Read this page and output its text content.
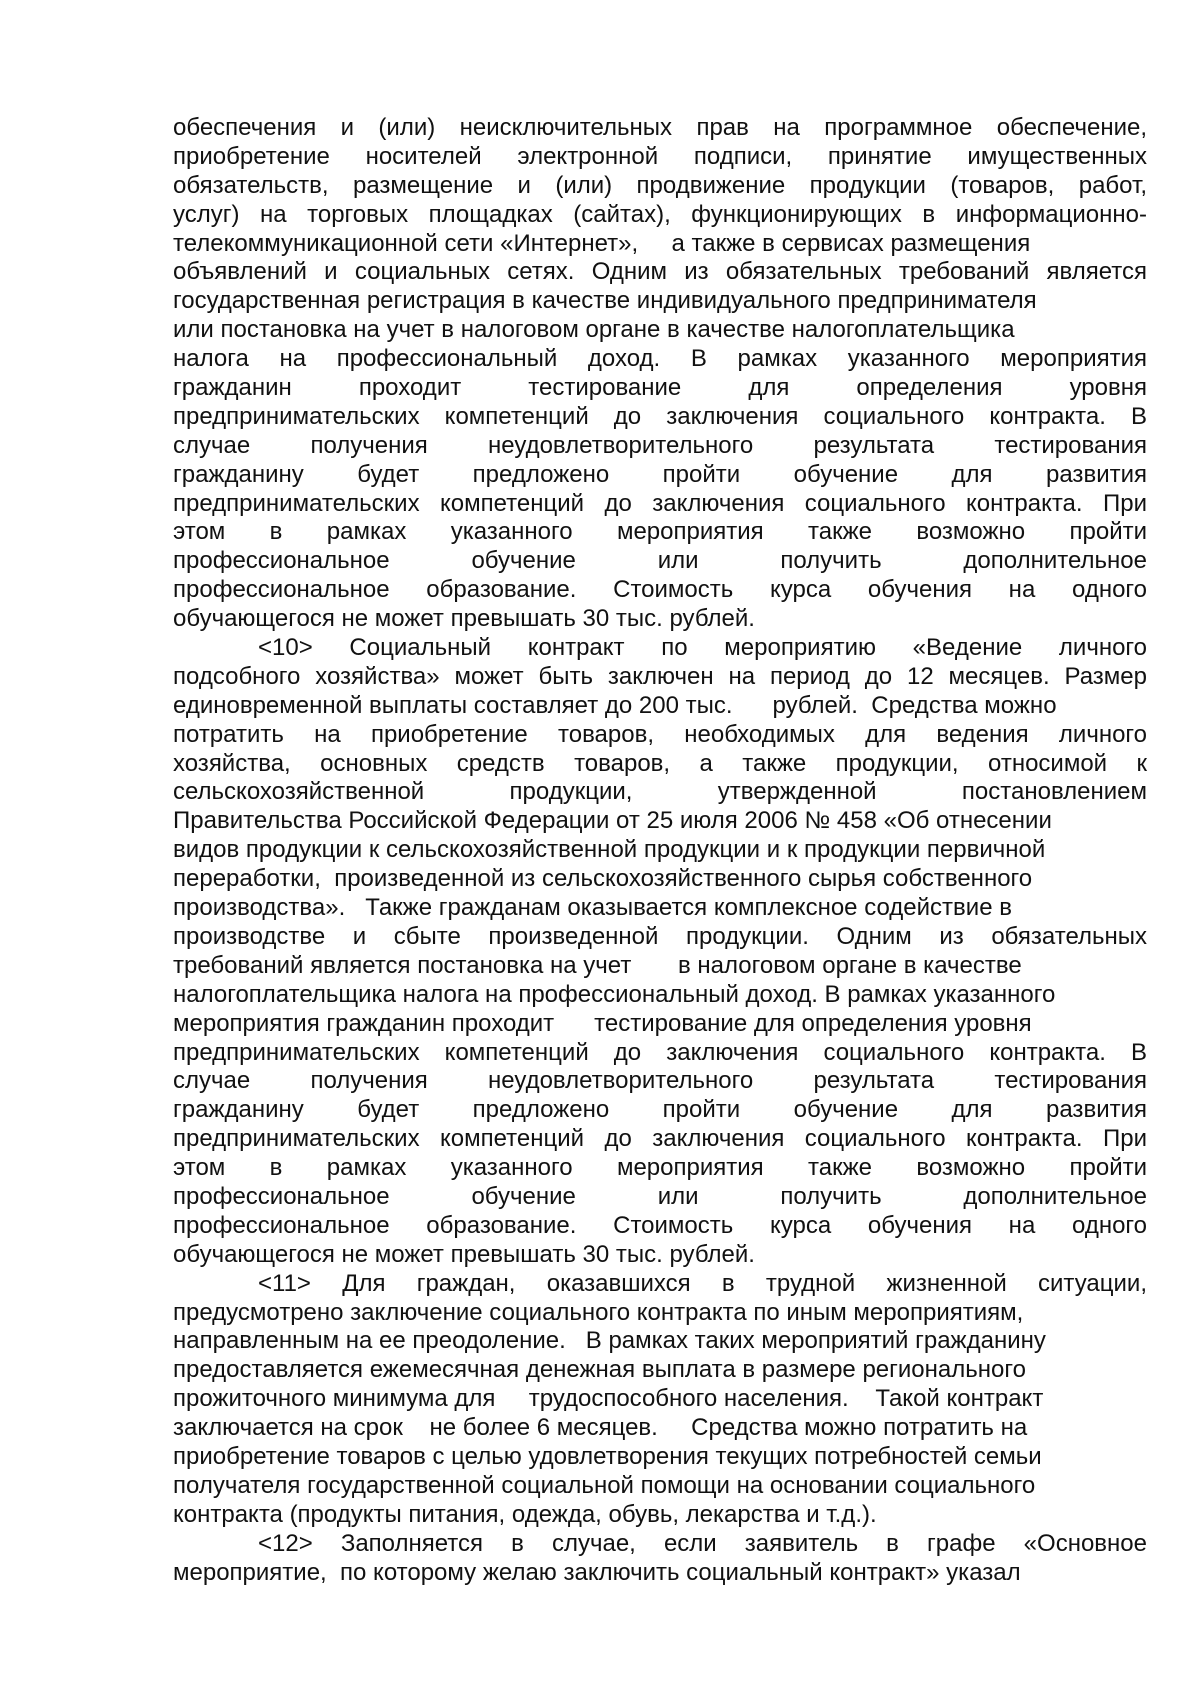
обеспечения и (или) неисключительных прав на программное обеспечение,
приобретение носителей электронной подписи, принятие имущественных
обязательств, размещение и (или) продвижение продукции (товаров, работ,
услуг) на торговых площадках (сайтах), функционирующих в информационно-
телекоммуникационной сети «Интернет»,     а также в сервисах размещения
объявлений и социальных сетях. Одним из обязательных требований является
государственная регистрация в качестве индивидуального предпринимателя
или постановка на учет в налоговом органе в качестве налогоплательщика
налога на профессиональный доход. В рамках указанного мероприятия
гражданин проходит тестирование для определения уровня
предпринимательских компетенций до заключения социального контракта. В
случае получения неудовлетворительного результата тестирования
гражданину будет предложено пройти обучение для развития
предпринимательских компетенций до заключения социального контракта. При
этом в рамках указанного мероприятия также возможно пройти
профессиональное обучение или получить дополнительное
профессиональное образование. Стоимость курса обучения на одного
обучающегося не может превышать 30 тыс. рублей.
<10> Социальный контракт по мероприятию «Ведение личного
подсобного хозяйства» может быть заключен на период до 12 месяцев. Размер
единовременной выплаты составляет до 200 тыс.      рублей.  Средства можно
потратить на приобретение товаров, необходимых для ведения личного
хозяйства, основных средств товаров, а также продукции, относимой к
сельскохозяйственной продукции, утвержденной постановлением
Правительства Российской Федерации от 25 июля 2006 № 458 «Об отнесении
видов продукции к сельскохозяйственной продукции и к продукции первичной
переработки,  произведенной из сельскохозяйственного сырья собственного
производства».   Также гражданам оказывается комплексное содействие в
производстве и сбыте произведенной продукции. Одним из обязательных
требований является постановка на учет       в налоговом органе в качестве
налогоплательщика налога на профессиональный доход. В рамках указанного
мероприятия гражданин проходит      тестирование для определения уровня
предпринимательских компетенций до заключения социального контракта. В
случае получения неудовлетворительного результата тестирования
гражданину будет предложено пройти обучение для развития
предпринимательских компетенций до заключения социального контракта. При
этом в рамках указанного мероприятия также возможно пройти
профессиональное обучение или получить дополнительное
профессиональное образование. Стоимость курса обучения на одного
обучающегося не может превышать 30 тыс. рублей.
<11> Для граждан, оказавшихся в трудной жизненной ситуации,
предусмотрено заключение социального контракта по иным мероприятиям,
направленным на ее преодоление.   В рамках таких мероприятий гражданину
предоставляется ежемесячная денежная выплата в размере регионального
прожиточного минимума для     трудоспособного населения.    Такой контракт
заключается на срок    не более 6 месяцев.     Средства можно потратить на
приобретение товаров с целью удовлетворения текущих потребностей семьи
получателя государственной социальной помощи на основании социального
контракта (продукты питания, одежда, обувь, лекарства и т.д.).
<12> Заполняется в случае, если заявитель в графе «Основное
мероприятие,  по которому желаю заключить социальный контракт» указал
